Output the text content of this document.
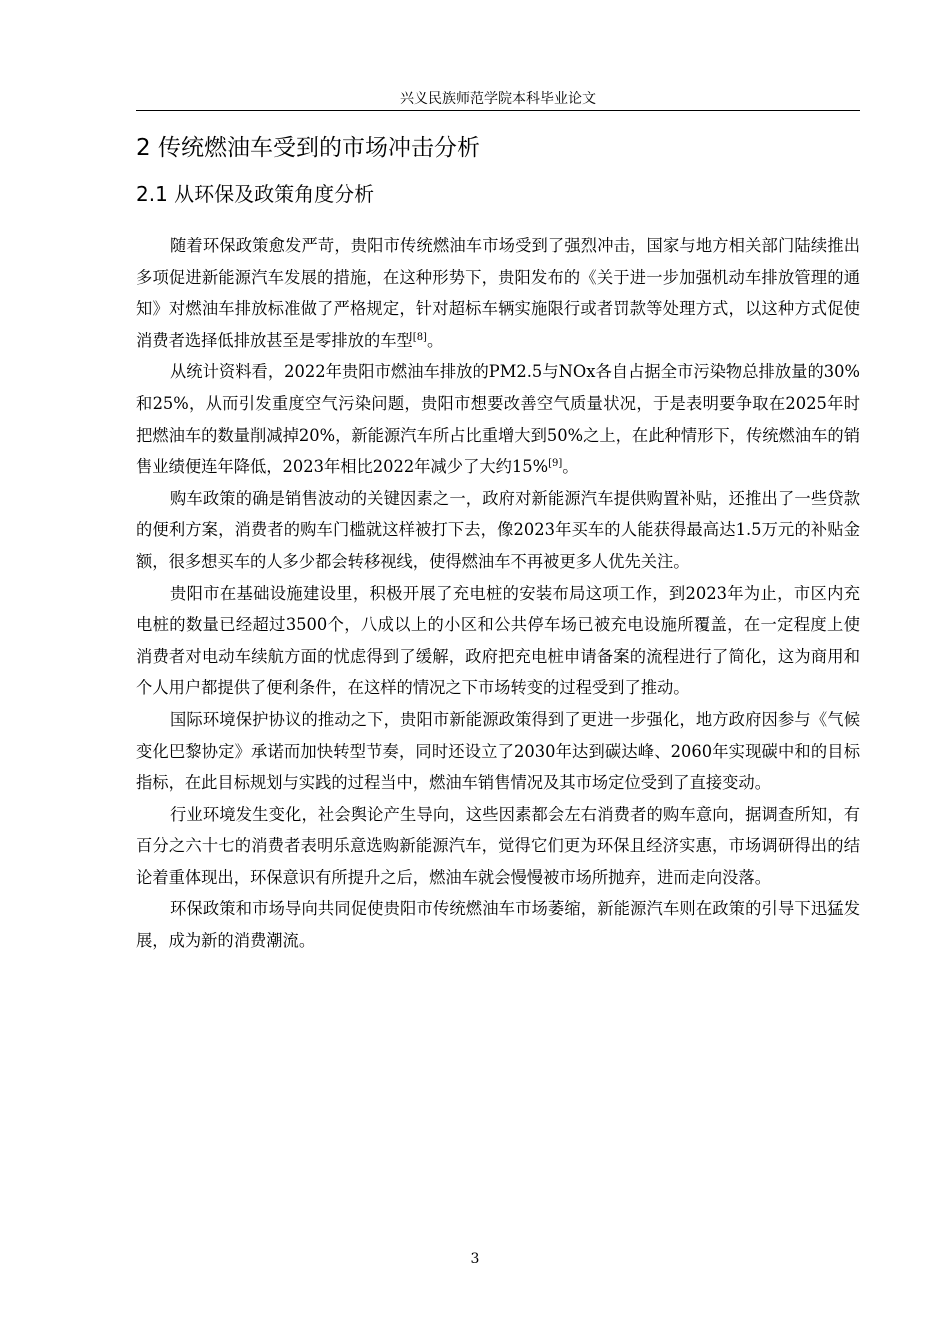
兴义民族师范学院本科毕业论文
2 传统燃油车受到的市场冲击分析
2.1 从环保及政策角度分析

随着环保政策愈发严苛，贵阳市传统燃油车市场受到了强烈冲击，国家与地方相关部门陆续推出多项促进新能源汽车发展的措施，在这种形势下，贵阳发布的《关于进一步加强机动车排放管理的通知》对燃油车排放标准做了严格规定，针对超标车辆实施限行或者罚款等处理方式，以这种方式促使消费者选择低排放甚至是零排放的车型[8]。

从统计资料看，2022年贵阳市燃油车排放的PM2.5与NOx各自占据全市污染物总排放量的30%和25%，从而引发重度空气污染问题，贵阳市想要改善空气质量状况，于是表明要争取在2025年时把燃油车的数量削减掉20%，新能源汽车所占比重增大到50%之上，在此种情形下，传统燃油车的销售业绩便连年降低，2023年相比2022年减少了大约15%[9]。

购车政策的确是销售波动的关键因素之一，政府对新能源汽车提供购置补贴，还推出了一些贷款的便利方案，消费者的购车门槛就这样被打下去，像2023年买车的人能获得最高达1.5万元的补贴金额，很多想买车的人多少都会转移视线，使得燃油车不再被更多人优先关注。

贵阳市在基础设施建设里，积极开展了充电桩的安装布局这项工作，到2023年为止，市区内充电桩的数量已经超过3500个，八成以上的小区和公共停车场已被充电设施所覆盖，在一定程度上使消费者对电动车续航方面的忧虑得到了缓解，政府把充电桩申请备案的流程进行了简化，这为商用和个人用户都提供了便利条件，在这样的情况之下市场转变的过程受到了推动。

国际环境保护协议的推动之下，贵阳市新能源政策得到了更进一步强化，地方政府因参与《气候变化巴黎协定》承诺而加快转型节奏，同时还设立了2030年达到碳达峰、2060年实现碳中和的目标指标，在此目标规划与实践的过程当中，燃油车销售情况及其市场定位受到了直接变动。

行业环境发生变化，社会舆论产生导向，这些因素都会左右消费者的购车意向，据调查所知，有百分之六十七的消费者表明乐意选购新能源汽车，觉得它们更为环保且经济实惠，市场调研得出的结论着重体现出，环保意识有所提升之后，燃油车就会慢慢被市场所抛弃，进而走向没落。

环保政策和市场导向共同促使贵阳市传统燃油车市场萎缩，新能源汽车则在政策的引导下迅猛发展，成为新的消费潮流。

3
